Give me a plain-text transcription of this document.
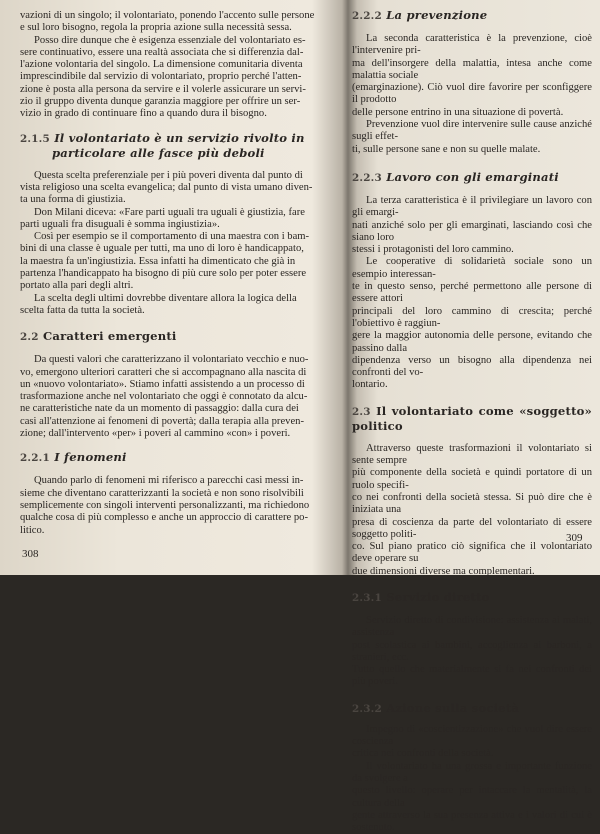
vazioni di un singolo; il volontariato, ponendo l'accento sulle persone

e sul loro bisogno, regola la propria azione sulla necessità sessa.

Posso dire dunque che è esigenza essenziale del volontariato es-

sere continuativo, essere una realtà associata che si differenzia dal-

l'azione volontaria del singolo. La dimensione comunitaria diventa

imprescindibile dal servizio di volontariato, proprio perché l'atten-

zione è posta alla persona da servire e il volerle assicurare un servi-

zio il gruppo diventa dunque garanzia maggiore per offrire un ser-

vizio in grado di continuare fino a quando dura il bisogno.

2.1.5 Il volontariato è un servizio rivolto in

particolare alle fasce più deboli

Questa scelta preferenziale per i più poveri diventa dal punto di

vista religioso una scelta evangelica; dal punto di vista umano diven-

ta una forma di giustizia.

Don Milani diceva: «Fare parti uguali tra uguali è giustizia, fare

parti uguali fra disuguali è somma ingiustizia».

Così per esempio se il comportamento di una maestra con i bam-

bini di una classe è uguale per tutti, ma uno di loro è handicappato,

la maestra fa un'ingiustizia. Essa infatti ha dimenticato che già in

partenza l'handicappato ha bisogno di più cure solo per poter essere

portato alla pari degli altri.

La scelta degli ultimi dovrebbe diventare allora la logica della

scelta fatta da tutta la società.

2.2 Caratteri emergenti

Da questi valori che caratterizzano il volontariato vecchio e nuo-

vo, emergono ulteriori caratteri che si accompagnano alla nascita di

un «nuovo volontariato». Stiamo infatti assistendo a un processo di

trasformazione anche nel volontariato che oggi è connotato da alcu-

ne caratteristiche nate da un momento di passaggio: dalla cura dei

casi all'attenzione ai fenomeni di povertà; dalla terapia alla preven-

zione; dall'intervento «per» i poveri al cammino «con» i poveri.

2.2.1 I fenomeni

Quando parlo di fenomeni mi riferisco a parecchi casi messi in-

sieme che diventano caratterizzanti la società e non sono risolvibili

semplicemente con singoli interventi personalizzanti, ma richiedono

qualche cosa di più complesso e anche un approccio di carattere po-

litico.

308

2.2.2 La prevenzione

La seconda caratteristica è la prevenzione, cioè l'intervenire pri-

ma dell'insorgere della malattia, intesa anche come malattia sociale

(emarginazione). Ciò vuol dire favorire per sconfiggere il prodotto

delle persone entrino in una situazione di povertà.

Prevenzione vuol dire intervenire sulle cause anziché sugli effet-

ti, sulle persone sane e non su quelle malate.

2.2.3 Lavoro con gli emarginati

La terza caratteristica è il privilegiare un lavoro con gli emargi-

nati anziché solo per gli emarginati, lasciando così che siano loro

stessi i protagonisti del loro cammino.

Le cooperative di solidarietà sociale sono un esempio interessan-

te in questo senso, perché permettono alle persone di essere attori

principali del loro cammino di crescita; perché l'obiettivo è raggiun-

gere la maggior autonomia delle persone, evitando che passino dalla

dipendenza verso un bisogno alla dipendenza nei confronti del vo-

lontario.

2.3 Il volontariato come «soggetto» politico

Attraverso queste trasformazioni il volontariato si sente sempre

più componente della società e quindi portatore di un ruolo specifi-

co nei confronti della società stessa. Si può dire che è iniziata una

presa di coscienza da parte del volontariato di essere soggetto politi-

co. Sul piano pratico ciò significa che il volontariato deve operare su

due dimensioni diverse ma complementari.

2.3.1 Servizio diretto

Servizio diretto di condivisione: assistenza ai malati, assistenza

post scolastica ai bambini, accoglienza ai barboni, a stranieri, ecc.

Tutto quello che materialmente si fa nei confronti dei più poveri.

2.3.2 Azione sulla società

Impegno di «coscientizzazione» che vuol dire essere coscienza

critica nei confronti della società.

Il volontariato ha una grossa e importante funzione da svolgere a

questo livello: operare per intaccare la mentalità, la cultura della

gente attraverso la sua presenza attiva e i valori di cui è sostenuto.

309
